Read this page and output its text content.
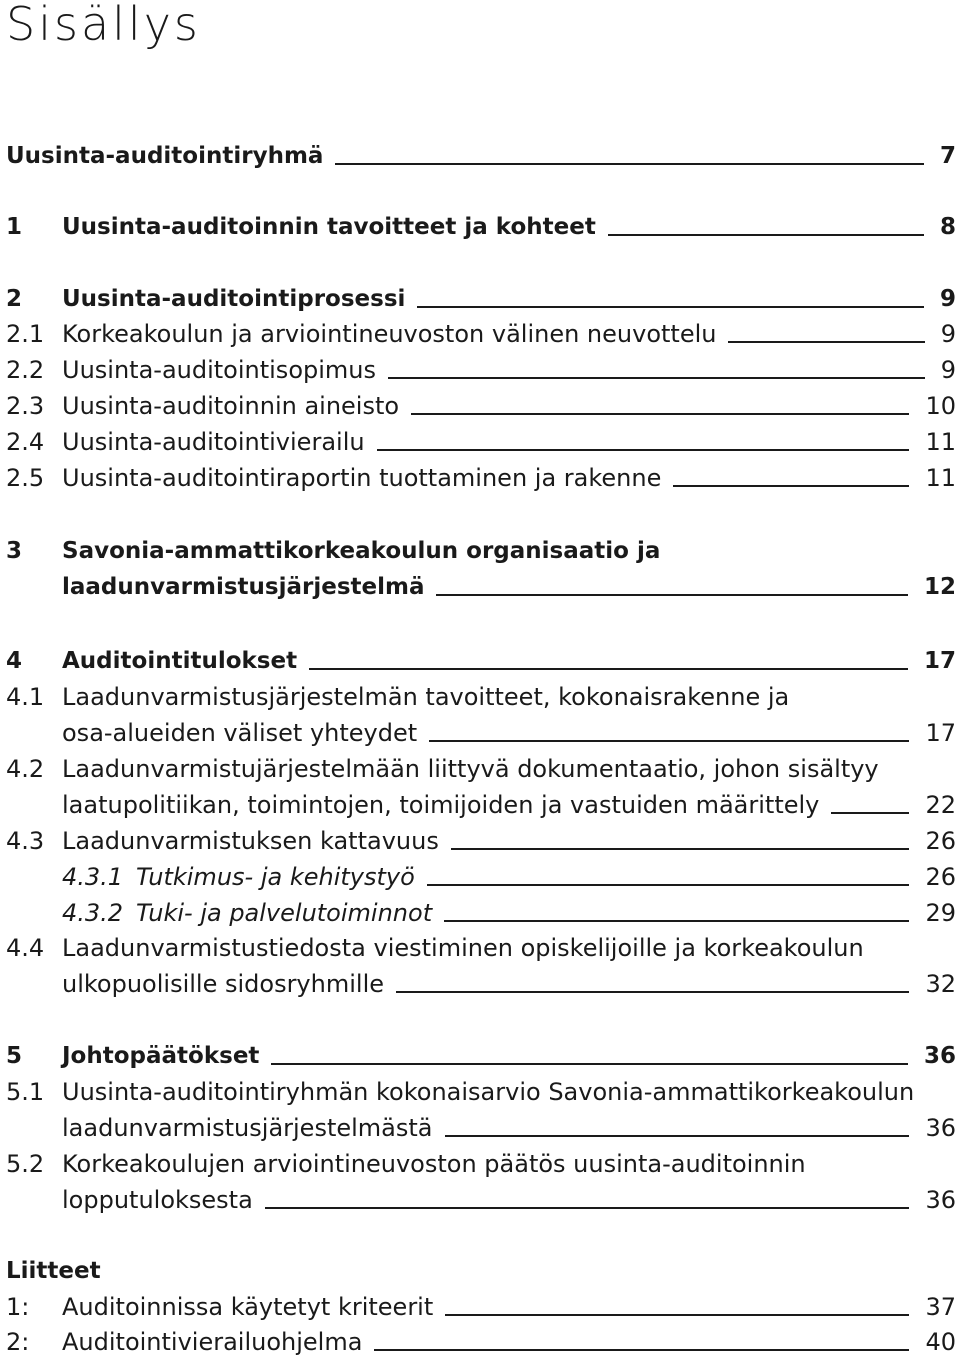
Sisällys
Uusinta-auditointiryhmä	7
1	Uusinta-auditoinnin tavoitteet ja kohteet	8
2	Uusinta-auditointiprosessi	9
2.1 Korkeakoulun ja arviointineuvoston välinen neuvottelu	9
2.2 Uusinta-auditointisopimus	9
2.3 Uusinta-auditoinnin aineisto	10
2.4 Uusinta-auditointivierailu	11
2.5 Uusinta-auditointiraportin tuottaminen ja rakenne	11
3	Savonia-ammattikorkeakoulun organisaatio ja
laadunvarmistusjärjestelmä	12
4	Auditointitulokset	17
4.1 Laadunvarmistusjärjestelmän tavoitteet, kokonaisrakenne ja
osa-alueiden väliset yhteydet	17
4.2 Laadunvarmistujärjestelmään liittyvä dokumentaatio, johon sisältyy
laatupolitiikan, toimintojen, toimijoiden ja vastuiden määrittely	22
4.3 Laadunvarmistuksen kattavuus	26
4.3.1 Tutkimus- ja kehitystyö	26
4.3.2 Tuki- ja palvelutoiminnot	29
4.4 Laadunvarmistustiedosta viestiminen opiskelijoille ja korkeakoulun
ulkopuolisille sidosryhmille	32
5	Johtopäätökset	36
5.1 Uusinta-auditointiryhmän kokonaisarvio Savonia-ammattikorkeakoulun
laadunvarmistusjärjestelmästä	36
5.2 Korkeakoulujen arviointineuvoston päätös uusinta-auditoinnin
lopputuloksesta	36
Liitteet
1:	Auditoinnissa käytetyt kriteerit	37
2:	Auditointivierailuohjelma	40
